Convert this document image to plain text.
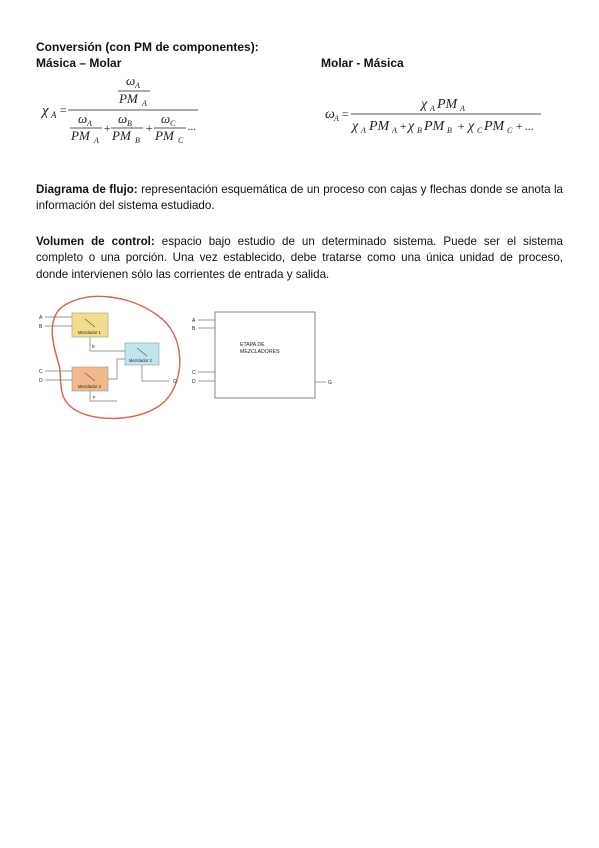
Conversión (con PM de componentes):
Másica – Molar	Molar - Másica
χ A =
ω A
PM A
ω A
PM A
+
ω B
PM B
+
ω C
PM C
...
ω A =
χ A PM A
χ A PM A + χ B PM B + χ C PM C + ...
Diagrama de flujo: representación esquemática de un proceso con cajas y flechas donde se anota la información del sistema estudiado.
Volumen de control: espacio bajo estudio de un determinado sistema. Puede ser el sistema completo o una porción. Una vez establecido, debe tratarse como una única unidad de proceso, donde intervienen sólo las corrientes de entrada y salida.
A
B
C
D
Mezclador 1
Mezclador 3
Mezclador 2
E
F
G
A
B
C
D
ETAPA DE
MEZCLADORES
G
